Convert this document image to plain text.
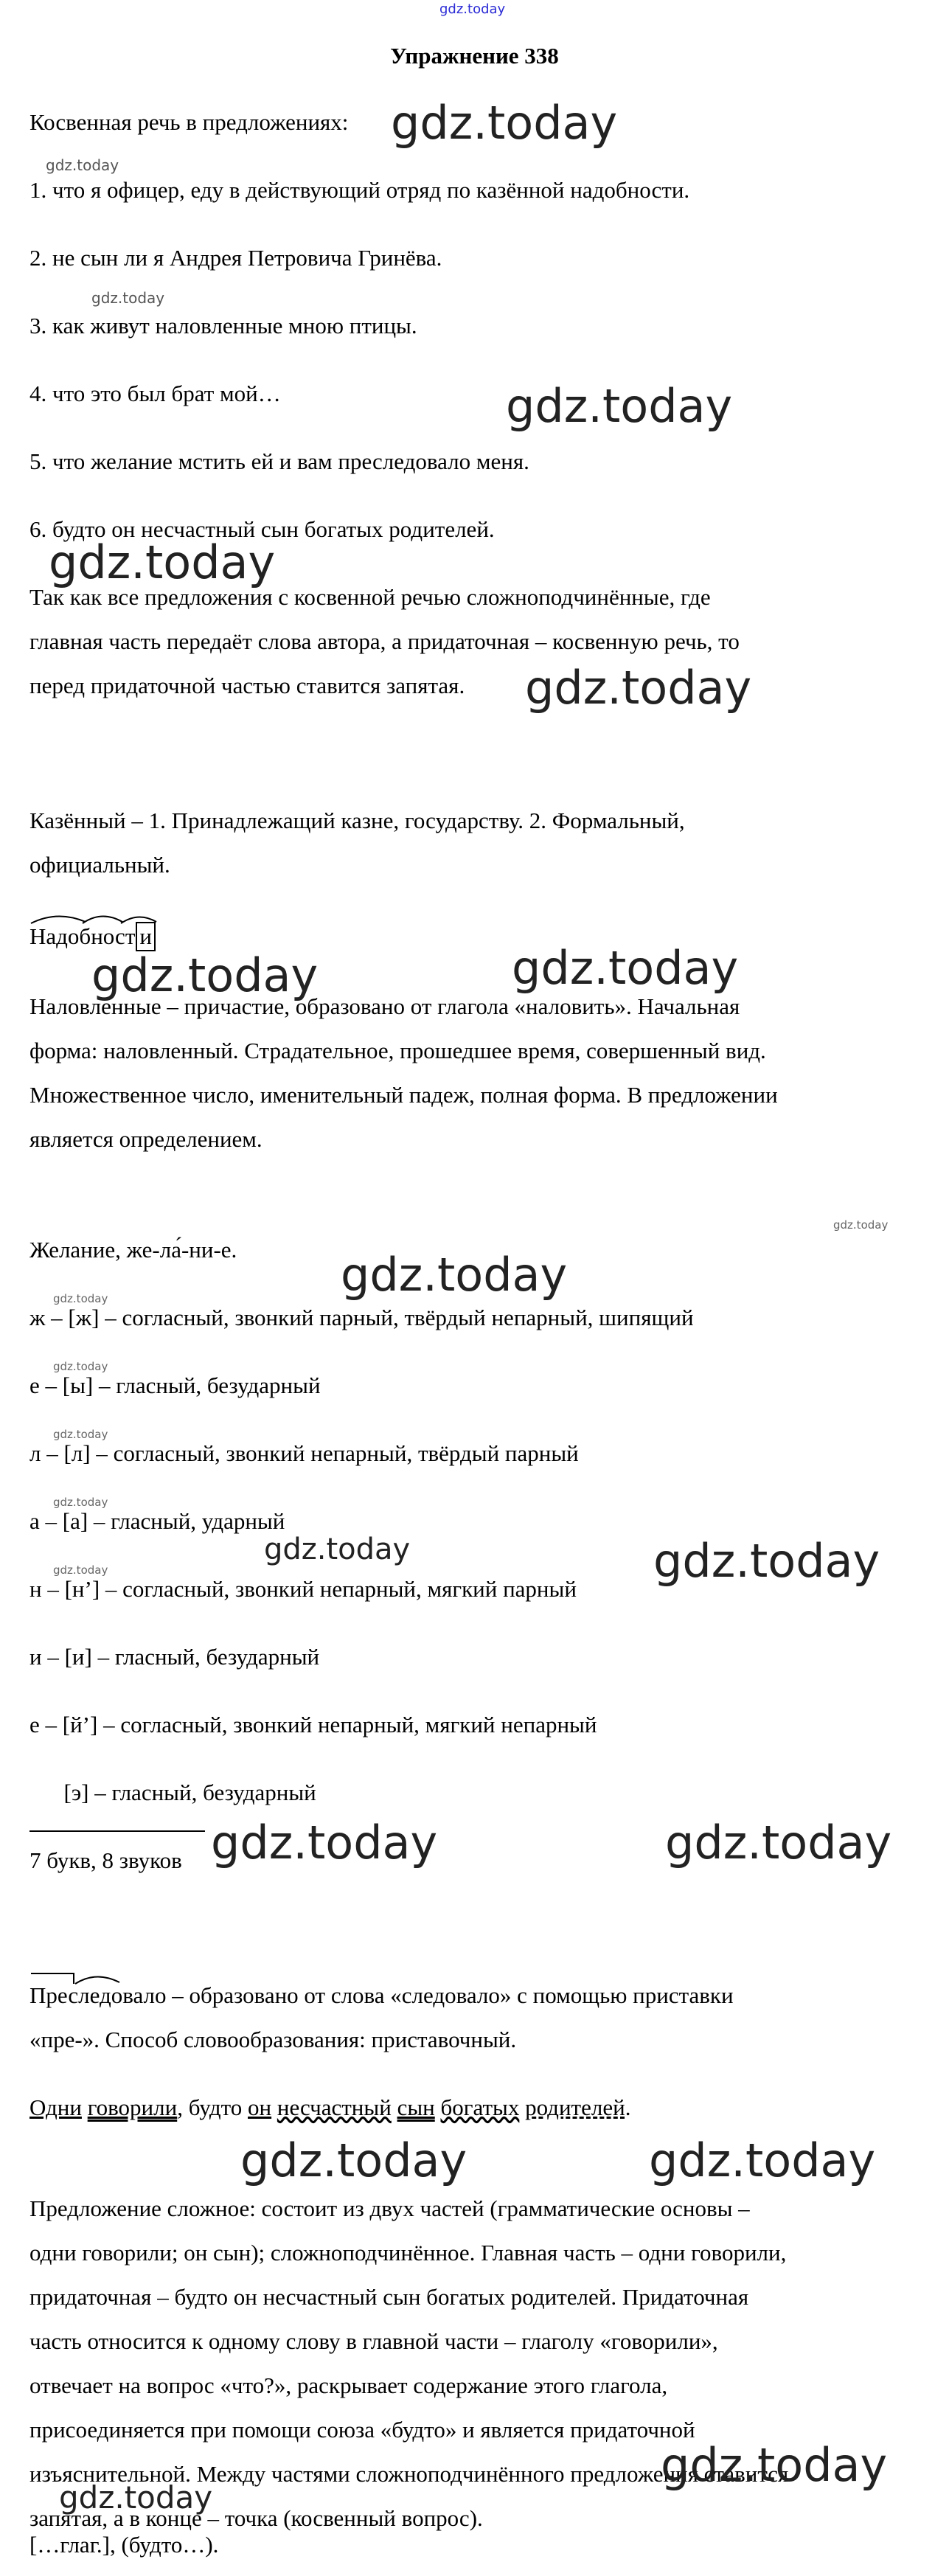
gdz.today
Упражнение 338
Косвенная речь в предложениях:
1. что я офицер, еду в действующий отряд по казённой надобности.
2. не сын ли я Андрея Петровича Гринёва.
3. как живут наловленные мною птицы.
4. что это был брат мой…
5. что желание мстить ей и вам преследовало меня.
6. будто он несчастный сын богатых родителей.
Так как все предложения с косвенной речью сложноподчинённые, где
главная часть передаёт слова автора, а придаточная – косвенную речь, то
перед придаточной частью ставится запятая.
Казённый – 1. Принадлежащий казне, государству. 2. Формальный,
официальный.
Надобност и
Наловленные – причастие, образовано от глагола «наловить». Начальная
форма: наловленный. Страдательное, прошедшее время, совершенный вид.
Множественное число, именительный падеж, полная форма. В предложении
является определением.
Желание, же-ла́-ни-е.
ж – [ж] – согласный, звонкий парный, твёрдый непарный, шипящий
е – [ы] – гласный, безударный
л – [л] – согласный, звонкий непарный, твёрдый парный
а – [а] – гласный, ударный
н – [н’] – согласный, звонкий непарный, мягкий парный
и – [и] – гласный, безударный
е – [й’] – согласный, звонкий непарный, мягкий непарный
[э] – гласный, безударный
7 букв, 8 звуков
Преследовало – образовано от слова «следовало» с помощью приставки
«пре-». Способ словообразования: приставочный.
Одни говорили, будто он несчастный сын богатых родителей.
Предложение сложное: состоит из двух частей (грамматические основы –
одни говорили; он сын); сложноподчинённое. Главная часть – одни говорили,
придаточная – будто он несчастный сын богатых родителей. Придаточная
часть относится к одному слову в главной части – глаголу «говорили»,
отвечает на вопрос «что?», раскрывает содержание этого глагола,
присоединяется при помощи союза «будто» и является придаточной
изъяснительной. Между частями сложноподчинённого предложения ставится
запятая, а в конце – точка (косвенный вопрос).
[…глаг.], (будто…).
gdz.today
gdz.today
gdz.today
gdz.today
gdz.today
gdz.today
gdz.today	gdz.today
gdz.today
gdz.today
gdz.today
gdz.today
gdz.today
gdz.today
gdz.today
gdz.today	gdz.today
gdz.today	gdz.today
gdz.today	gdz.today
gdz.today
gdz.today
